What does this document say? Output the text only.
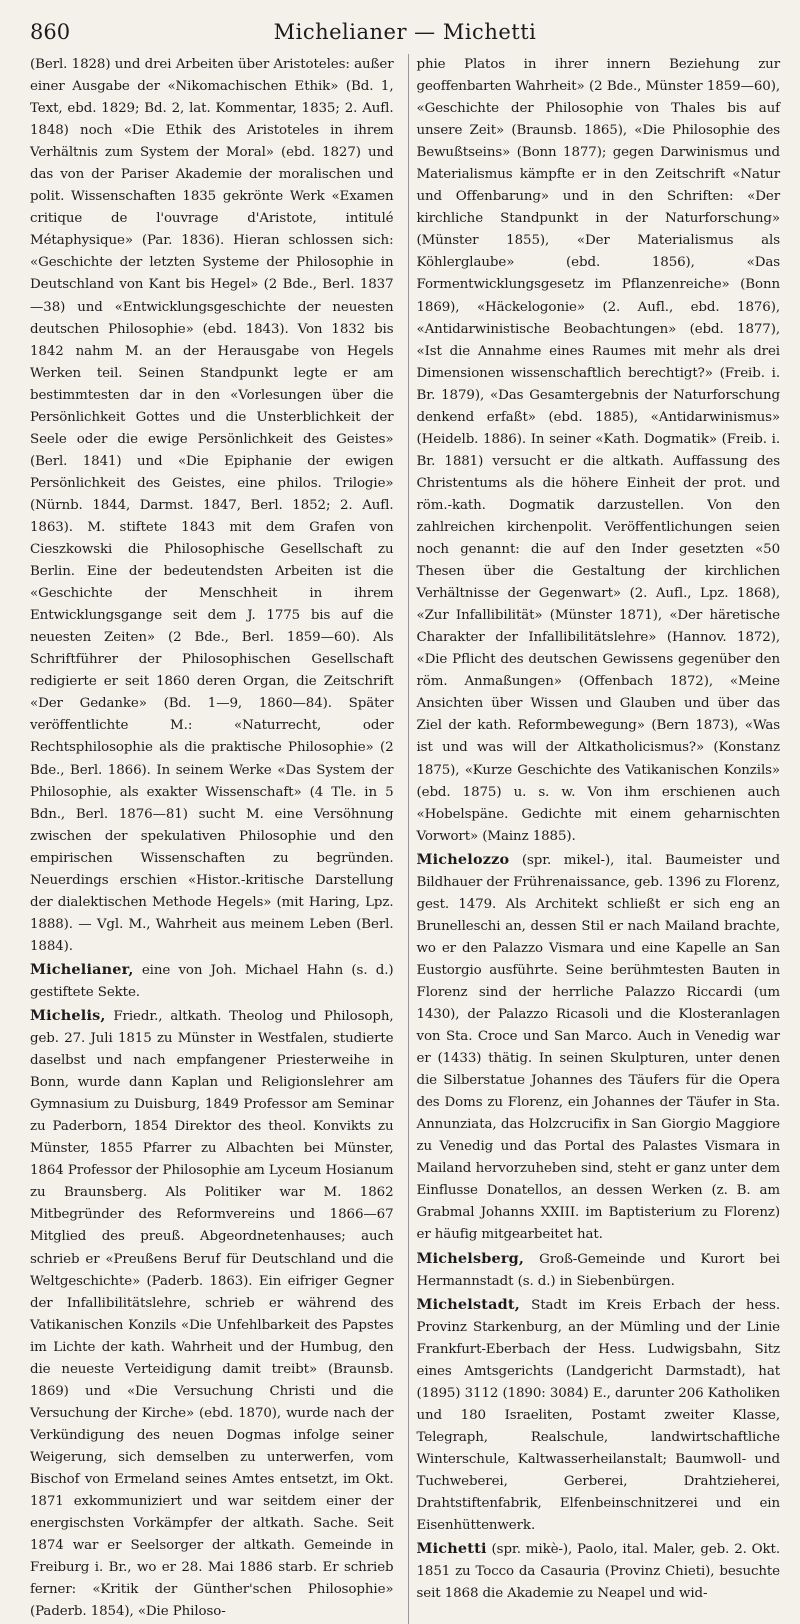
860	Michelianer — Michetti

(Berl. 1828) und drei Arbeiten über Aristoteles: außer einer Ausgabe der «Nikomachischen Ethik» (Bd. 1, Text, ebd. 1829; Bd. 2, lat. Kommentar, 1835; 2. Aufl. 1848) noch «Die Ethik des Aristoteles in ihrem Verhältnis zum System der Moral» (ebd. 1827) und das von der Pariser Akademie der moralischen und polit. Wissenschaften 1835 gekrönte Werk «Examen critique de l'ouvrage d'Aristote, intitulé Métaphysique» (Par. 1836). Hieran schlossen sich: «Geschichte der letzten Systeme der Philosophie in Deutschland von Kant bis Hegel» (2 Bde., Berl. 1837—38) und «Entwicklungsgeschichte der neuesten deutschen Philosophie» (ebd. 1843). Von 1832 bis 1842 nahm M. an der Herausgabe von Hegels Werken teil. Seinen Standpunkt legte er am bestimmtesten dar in den «Vorlesungen über die Persönlichkeit Gottes und die Unsterblichkeit der Seele oder die ewige Persönlichkeit des Geistes» (Berl. 1841) und «Die Epiphanie der ewigen Persönlichkeit des Geistes, eine philos. Trilogie» (Nürnb. 1844, Darmst. 1847, Berl. 1852; 2. Aufl. 1863). M. stiftete 1843 mit dem Grafen von Cieszkowski die Philosophische Gesellschaft zu Berlin. Eine der bedeutendsten Arbeiten ist die «Geschichte der Menschheit in ihrem Entwicklungsgange seit dem J. 1775 bis auf die neuesten Zeiten» (2 Bde., Berl. 1859—60). Als Schriftführer der Philosophischen Gesellschaft redigierte er seit 1860 deren Organ, die Zeitschrift «Der Gedanke» (Bd. 1—9, 1860—84). Später veröffentlichte M.: «Naturrecht, oder Rechtsphilosophie als die praktische Philosophie» (2 Bde., Berl. 1866). In seinem Werke «Das System der Philosophie, als exakter Wissenschaft» (4 Tle. in 5 Bdn., Berl. 1876—81) sucht M. eine Versöhnung zwischen der spekulativen Philosophie und den empirischen Wissenschaften zu begründen. Neuerdings erschien «Histor.-kritische Darstellung der dialektischen Methode Hegels» (mit Haring, Lpz. 1888). — Vgl. M., Wahrheit aus meinem Leben (Berl. 1884).

Michelianer, eine von Joh. Michael Hahn (s. d.) gestiftete Sekte.

Michelis, Friedr., altkath. Theolog und Philosoph, geb. 27. Juli 1815 zu Münster in Westfalen, studierte daselbst und nach empfangener Priesterweihe in Bonn, wurde dann Kaplan und Religionslehrer am Gymnasium zu Duisburg, 1849 Professor am Seminar zu Paderborn, 1854 Direktor des theol. Konvikts zu Münster, 1855 Pfarrer zu Albachten bei Münster, 1864 Professor der Philosophie am Lyceum Hosianum zu Braunsberg. Als Politiker war M. 1862 Mitbegründer des Reformvereins und 1866—67 Mitglied des preuß. Abgeordnetenhauses; auch schrieb er «Preußens Beruf für Deutschland und die Weltgeschichte» (Paderb. 1863). Ein eifriger Gegner der Infallibilitätslehre, schrieb er während des Vatikanischen Konzils «Die Unfehlbarkeit des Papstes im Lichte der kath. Wahrheit und der Humbug, den die neueste Verteidigung damit treibt» (Braunsb. 1869) und «Die Versuchung Christi und die Versuchung der Kirche» (ebd. 1870), wurde nach der Verkündigung des neuen Dogmas infolge seiner Weigerung, sich demselben zu unterwerfen, vom Bischof von Ermeland seines Amtes entsetzt, im Okt. 1871 exkommuniziert und war seitdem einer der energischsten Vorkämpfer der altkath. Sache. Seit 1874 war er Seelsorger der altkath. Gemeinde in Freiburg i. Br., wo er 28. Mai 1886 starb. Er schrieb ferner: «Kritik der Günther'schen Philosophie» (Paderb. 1854), «Die Philoso-

phie Platos in ihrer innern Beziehung zur geoffenbarten Wahrheit» (2 Bde., Münster 1859—60), «Geschichte der Philosophie von Thales bis auf unsere Zeit» (Braunsb. 1865), «Die Philosophie des Bewußtseins» (Bonn 1877); gegen Darwinismus und Materialismus kämpfte er in den Zeitschrift «Natur und Offenbarung» und in den Schriften: «Der kirchliche Standpunkt in der Naturforschung» (Münster 1855), «Der Materialismus als Köhlerglaube» (ebd. 1856), «Das Formentwicklungsgesetz im Pflanzenreiche» (Bonn 1869), «Häckelogonie» (2. Aufl., ebd. 1876), «Antidarwinistische Beobachtungen» (ebd. 1877), «Ist die Annahme eines Raumes mit mehr als drei Dimensionen wissenschaftlich berechtigt?» (Freib. i. Br. 1879), «Das Gesamtergebnis der Naturforschung denkend erfaßt» (ebd. 1885), «Antidarwinismus» (Heidelb. 1886). In seiner «Kath. Dogmatik» (Freib. i. Br. 1881) versucht er die altkath. Auffassung des Christentums als die höhere Einheit der prot. und röm.-kath. Dogmatik darzustellen. Von den zahlreichen kirchenpolit. Veröffentlichungen seien noch genannt: die auf den Inder gesetzten «50 Thesen über die Gestaltung der kirchlichen Verhältnisse der Gegenwart» (2. Aufl., Lpz. 1868), «Zur Infallibilität» (Münster 1871), «Der häretische Charakter der Infallibilitätslehre» (Hannov. 1872), «Die Pflicht des deutschen Gewissens gegenüber den röm. Anmaßungen» (Offenbach 1872), «Meine Ansichten über Wissen und Glauben und über das Ziel der kath. Reformbewegung» (Bern 1873), «Was ist und was will der Altkatholicismus?» (Konstanz 1875), «Kurze Geschichte des Vatikanischen Konzils» (ebd. 1875) u. s. w. Von ihm erschienen auch «Hobelspäne. Gedichte mit einem geharnischten Vorwort» (Mainz 1885).

Michelozzo (spr. mikel-), ital. Baumeister und Bildhauer der Frührenaissance, geb. 1396 zu Florenz, gest. 1479. Als Architekt schließt er sich eng an Brunelleschi an, dessen Stil er nach Mailand brachte, wo er den Palazzo Vismara und eine Kapelle an San Eustorgio ausführte. Seine berühmtesten Bauten in Florenz sind der herrliche Palazzo Riccardi (um 1430), der Palazzo Ricasoli und die Klosteranlagen von Sta. Croce und San Marco. Auch in Venedig war er (1433) thätig. In seinen Skulpturen, unter denen die Silberstatue Johannes des Täufers für die Opera des Doms zu Florenz, ein Johannes der Täufer in Sta. Annunziata, das Holzcrucifix in San Giorgio Maggiore zu Venedig und das Portal des Palastes Vismara in Mailand hervorzuheben sind, steht er ganz unter dem Einflusse Donatellos, an dessen Werken (z. B. am Grabmal Johanns XXIII. im Baptisterium zu Florenz) er häufig mitgearbeitet hat.

Michelsberg, Groß-Gemeinde und Kurort bei Hermannstadt (s. d.) in Siebenbürgen.

Michelstadt, Stadt im Kreis Erbach der hess. Provinz Starkenburg, an der Mümling und der Linie Frankfurt-Eberbach der Hess. Ludwigsbahn, Sitz eines Amtsgerichts (Landgericht Darmstadt), hat (1895) 3112 (1890: 3084) E., darunter 206 Katholiken und 180 Israeliten, Postamt zweiter Klasse, Telegraph, Realschule, landwirtschaftliche Winterschule, Kaltwasserheilanstalt; Baumwoll- und Tuchweberei, Gerberei, Drahtzieherei, Drahtstiftenfabrik, Elfenbeinschnitzerei und ein Eisenhüttenwerk.

Michetti (spr. mikè-), Paolo, ital. Maler, geb. 2. Okt. 1851 zu Tocco da Casauria (Provinz Chieti), besuchte seit 1868 die Akademie zu Neapel und wid-
